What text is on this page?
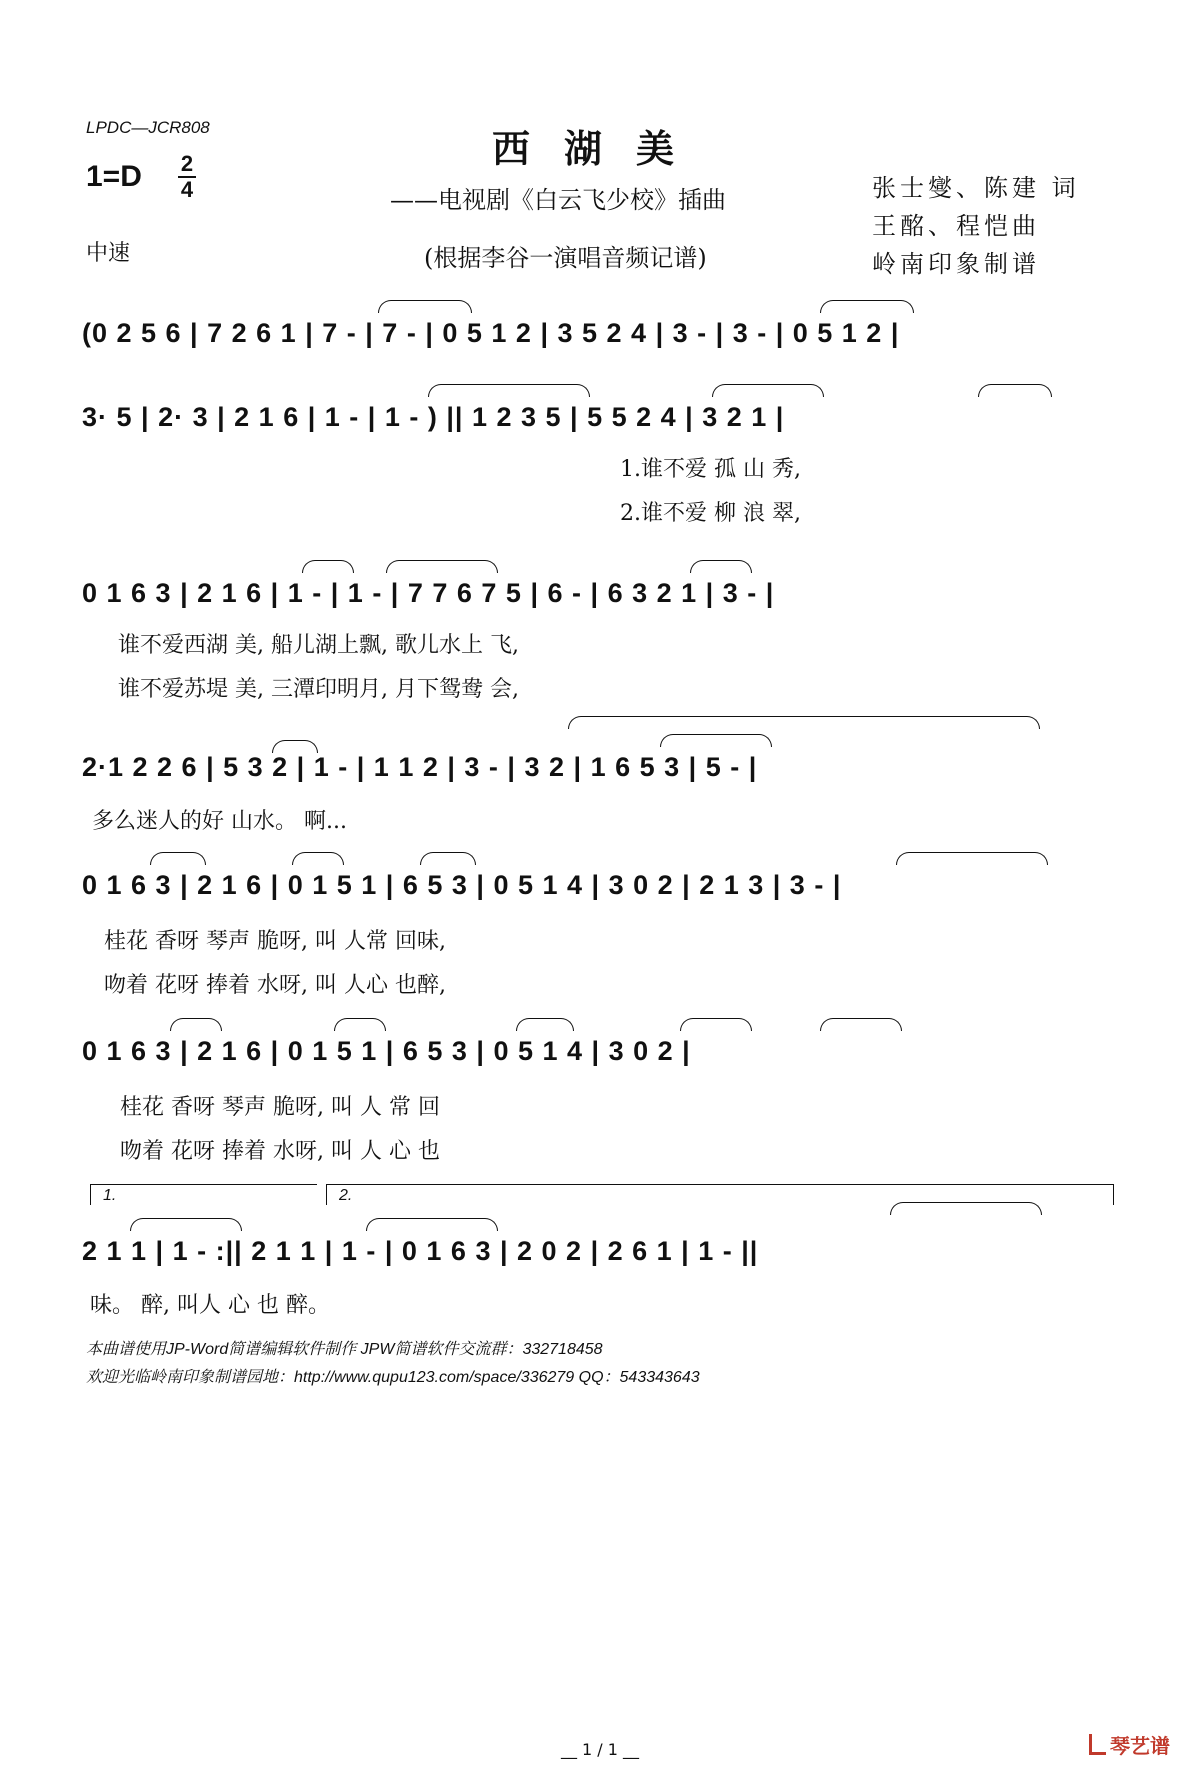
LPDC—JCR808	西湖美
1=D 2
4	——电视剧《白云飞少校》插曲
(根据李谷一演唱音频记谱)
张士燮、陈建 词
王酩、程恺曲
岭南印象制谱
中速
(0 2 5 6 | 7 2 6 1 | 7 - | 7 - | 0 5 1 2 | 3 5 2 4 | 3 - | 3 - | 0 5 1 2 |
3· 5 | 2· 3 | 2 1 6 | 1 - | 1 - ) || 1 2 3 5 | 5 5 2 4 | 3 2 1 |
1.谁不爱 孤 山 秀,
2.谁不爱 柳 浪 翠,
0 1 6 3 | 2 1 6 | 1 - | 1 - | 7 7 6 7 5 | 6 - | 6 3 2 1 | 3 - |
谁不爱西湖 美, 船儿湖上飘, 歌儿水上 飞,
谁不爱苏堤 美, 三潭印明月, 月下鸳鸯 会,
2·1 2 2 6 | 5 3 2 | 1 - | 1 1 2 | 3 - | 3 2 | 1 6 5 3 | 5 - |
多么迷人的好 山水。 啊...
0 1 6 3 | 2 1 6 | 0 1 5 1 | 6 5 3 | 0 5 1 4 | 3 0 2 | 2 1 3 | 3 - |
桂花 香呀 琴声 脆呀, 叫 人常 回味,
吻着 花呀 捧着 水呀, 叫 人心 也醉,
0 1 6 3 | 2 1 6 | 0 1 5 1 | 6 5 3 | 0 5 1 4 | 3 0 2 |
桂花 香呀 琴声 脆呀, 叫 人 常 回
吻着 花呀 捧着 水呀, 叫 人 心 也
1.	2.
2 1 1 | 1 - :|| 2 1 1 | 1 - | 0 1 6 3 | 2 0 2 | 2 6 1 | 1 - ||
味。 醉, 叫人 心 也 醉。
本曲谱使用JP-Word简谱编辑软件制作 JPW简谱软件交流群：332718458
欢迎光临岭南印象制谱园地：http://www.qupu123.com/space/336279 QQ：543343643
__ 1 / 1 __	琴艺谱
